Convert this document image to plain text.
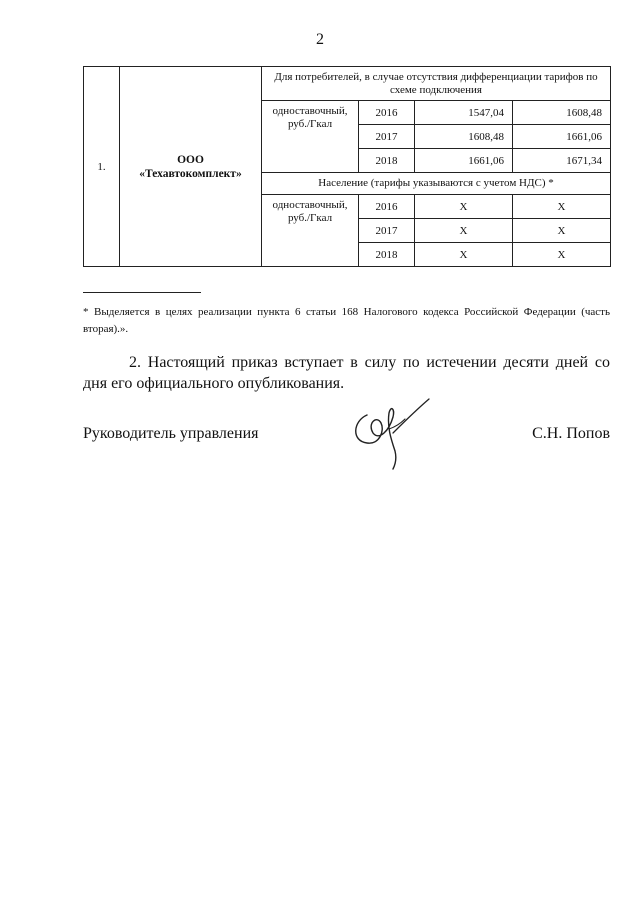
2
1.	ООО
«Техавтокомплект»	Для потребителей, в случае отсутствия дифференциации тарифов по схеме подключения			
		одноставочный, руб./Гкал	2016	1547,04	1608,48
			2017	1608,48	1661,06
			2018	1661,06	1671,34
		Население (тарифы указываются с учетом НДС) *			
		одноставочный, руб./Гкал	2016	Х	Х
			2017	Х	Х
			2018	Х	Х
* Выделяется в целях реализации пункта 6 статьи 168 Налогового кодекса Российской Федерации (часть вторая).».
2. Настоящий приказ вступает в силу по истечении десяти дней со дня его официального опубликования.
Руководитель управления	С.Н. Попов
